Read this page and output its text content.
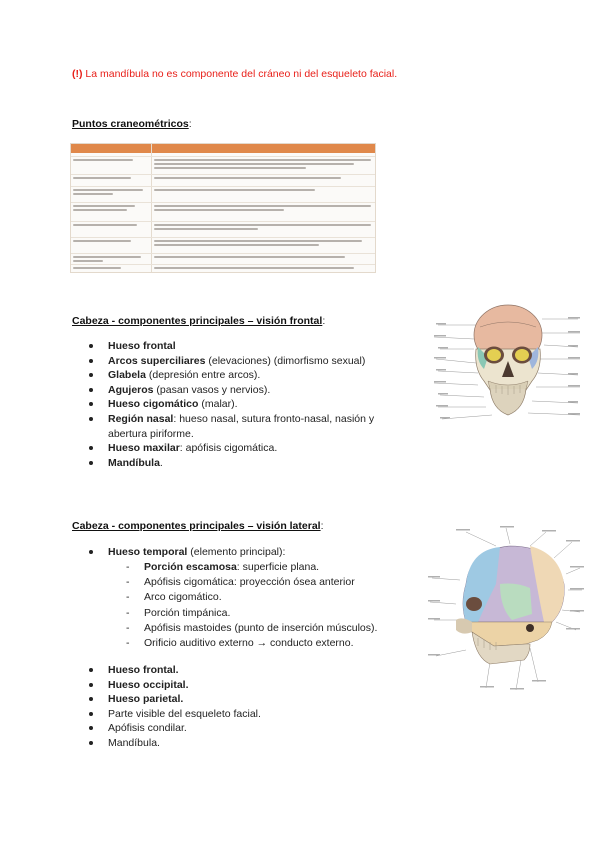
(!) La mandíbula no es componente del cráneo ni del esqueleto facial.
Puntos craneométricos:
Cabeza - componentes principales – visión frontal:
Hueso frontal
Arcos superciliares (elevaciones) (dimorfismo sexual)
Glabela (depresión entre arcos).
Agujeros (pasan vasos y nervios).
Hueso cigomático (malar).
Región nasal: hueso nasal, sutura fronto-nasal, nasión y abertura piriforme.
Hueso maxilar: apófisis cigomática.
Mandíbula.
Cabeza - componentes principales – visión lateral:
Hueso temporal (elemento principal):
- Porción escamosa: superficie plana.
- Apófisis cigomática: proyección ósea anterior
- Arco cigomático.
- Porción timpánica.
- Apófisis mastoides (punto de inserción músculos).
- Orificio auditivo externo → conducto externo.
Hueso frontal.
Hueso occipital.
Hueso parietal.
Parte visible del esqueleto facial.
Apófisis condilar.
Mandíbula.
